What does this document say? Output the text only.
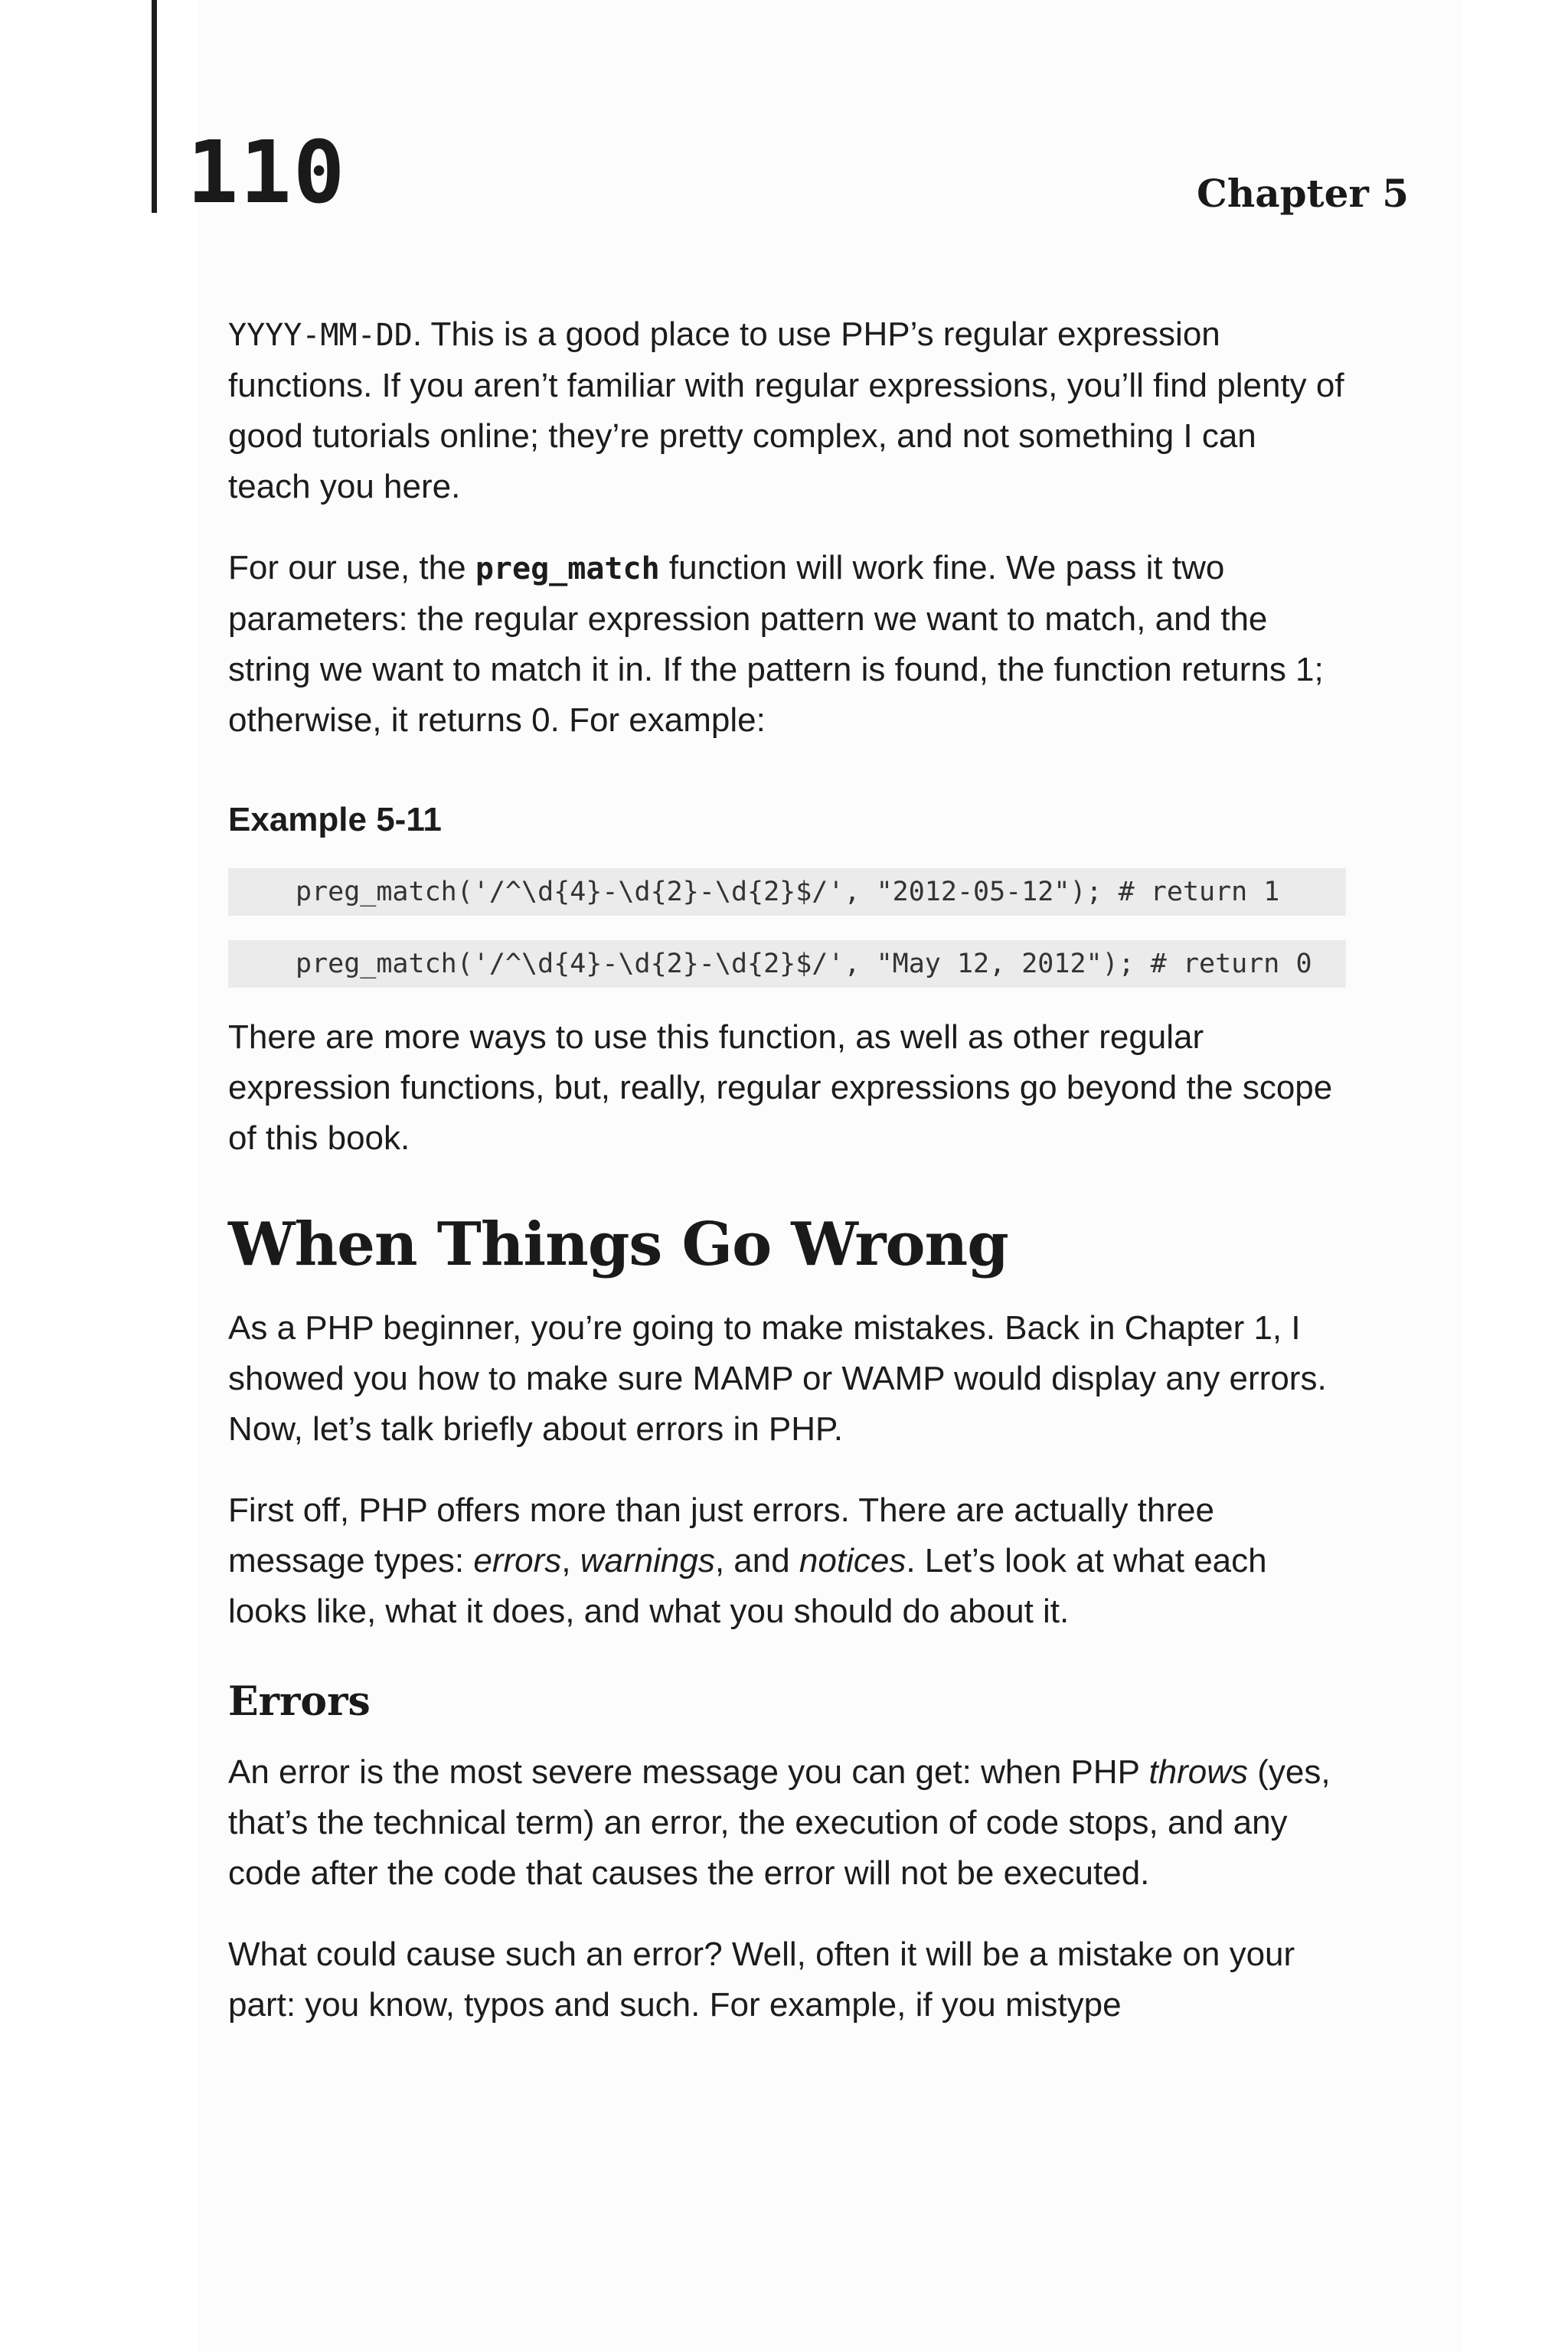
110	Chapter 5

YYYY-MM-DD. This is a good place to use PHP’s regular expression functions. If you aren’t familiar with regular expressions, you’ll find plenty of good tutorials online; they’re pretty complex, and not something I can teach you here.

For our use, the preg_match function will work fine. We pass it two parameters: the regular expression pattern we want to match, and the string we want to match it in. If the pattern is found, the function returns 1; otherwise, it returns 0. For example:

Example 5-11
preg_match('/^\d{4}-\d{2}-\d{2}$/', "2012-05-12"); # return 1
preg_match('/^\d{4}-\d{2}-\d{2}$/', "May 12, 2012"); # return 0

There are more ways to use this function, as well as other regular expression functions, but, really, regular expressions go beyond the scope of this book.

When Things Go Wrong

As a PHP beginner, you’re going to make mistakes. Back in Chapter 1, I showed you how to make sure MAMP or WAMP would display any errors. Now, let’s talk briefly about errors in PHP.

First off, PHP offers more than just errors. There are actually three message types: errors, warnings, and notices. Let’s look at what each looks like, what it does, and what you should do about it.

Errors

An error is the most severe message you can get: when PHP throws (yes, that’s the technical term) an error, the execution of code stops, and any code after the code that causes the error will not be executed.

What could cause such an error? Well, often it will be a mistake on your part: you know, typos and such. For example, if you mistype
